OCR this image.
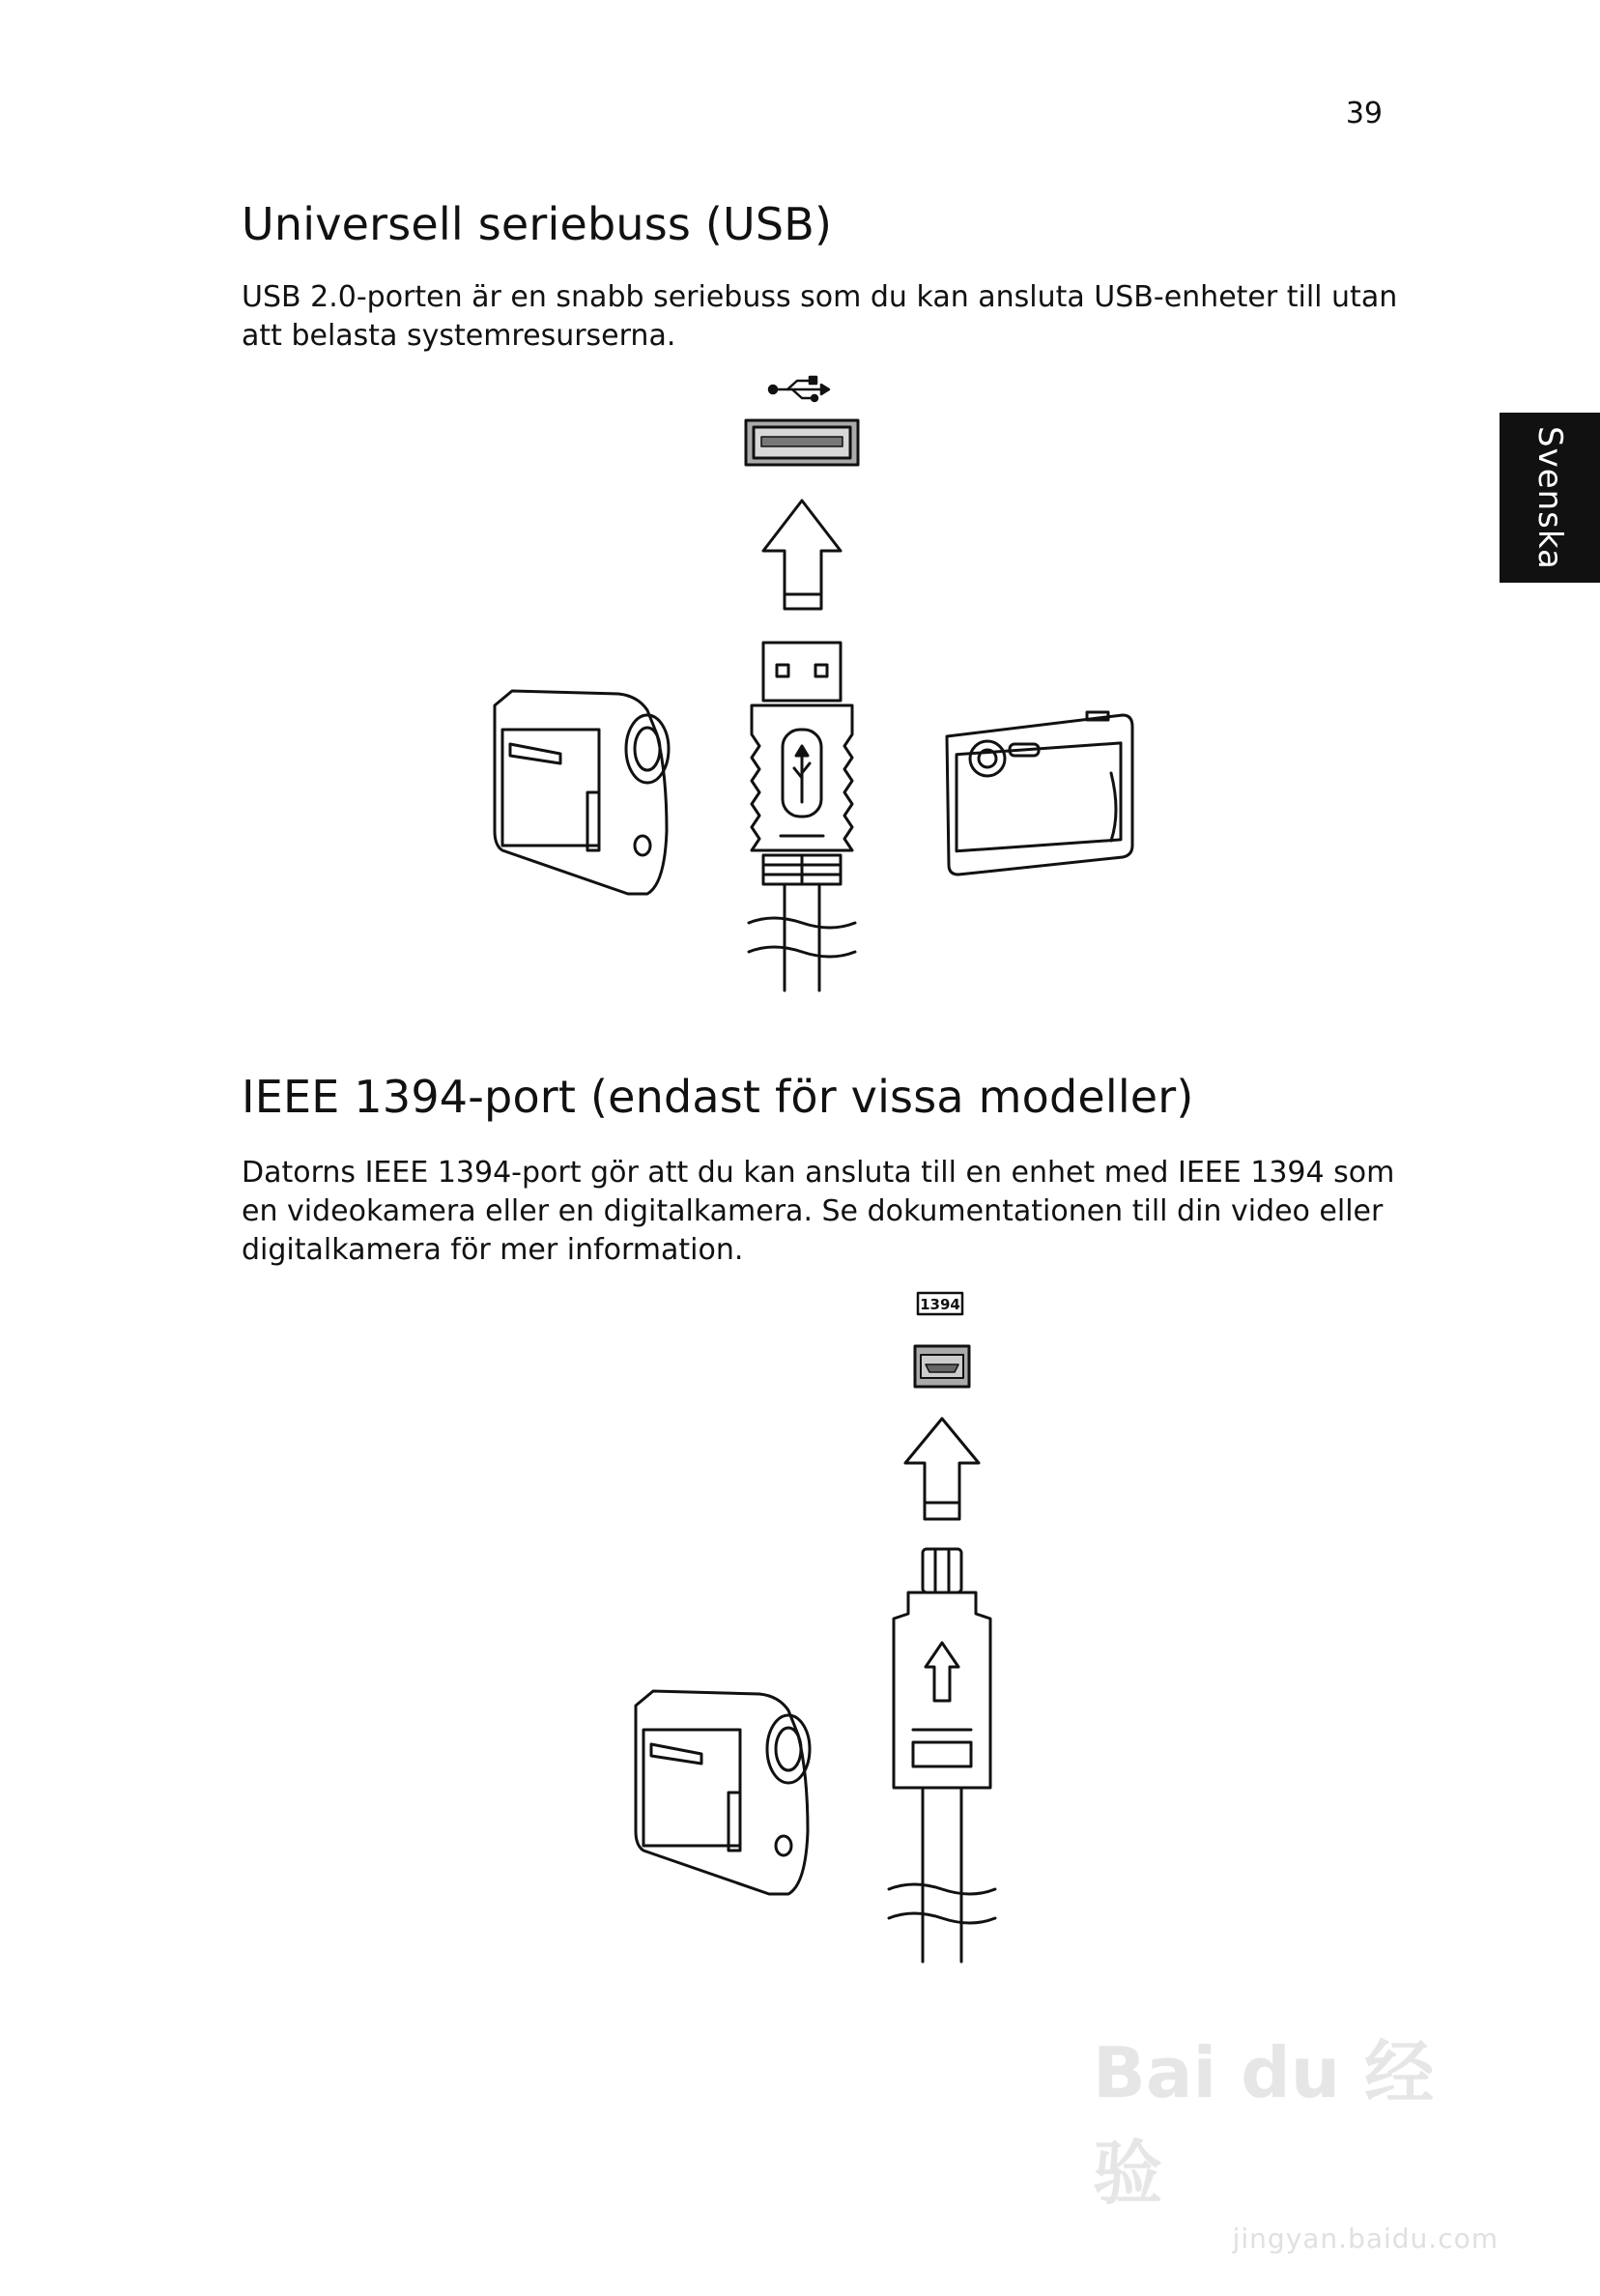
39
Svenska
Universell seriebuss (USB)

USB 2.0-porten är en snabb seriebuss som du kan ansluta USB-enheter till utan att belasta systemresurserna.

IEEE 1394-port (endast för vissa modeller)

Datorns IEEE 1394-port gör att du kan ansluta till en enhet med IEEE 1394 som en videokamera eller en digitalkamera. Se dokumentationen till din video eller digitalkamera för mer information.

1394
Bai du 经验
jingyan.baidu.com
